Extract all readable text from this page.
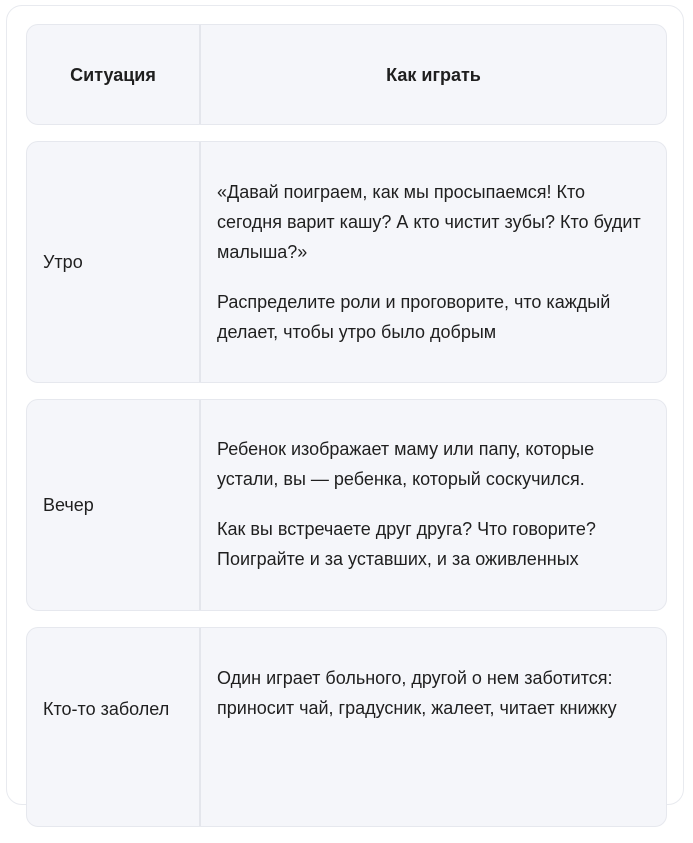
Ситуация	Как играть
Утро

«Давай поиграем, как мы просыпаемся! Кто сегодня варит кашу? А кто чистит зубы? Кто будит малыша?»

Распределите роли и проговорите, что каждый делает, чтобы утро было добрым

Вечер

Ребенок изображает маму или папу, которые устали, вы — ребенка, который соскучился.

Как вы встречаете друг друга? Что говорите? Поиграйте и за уставших, и за оживленных

Кто-то заболел

Один играет больного, другой о нем заботится: приносит чай, градусник, жалеет, читает книжку
